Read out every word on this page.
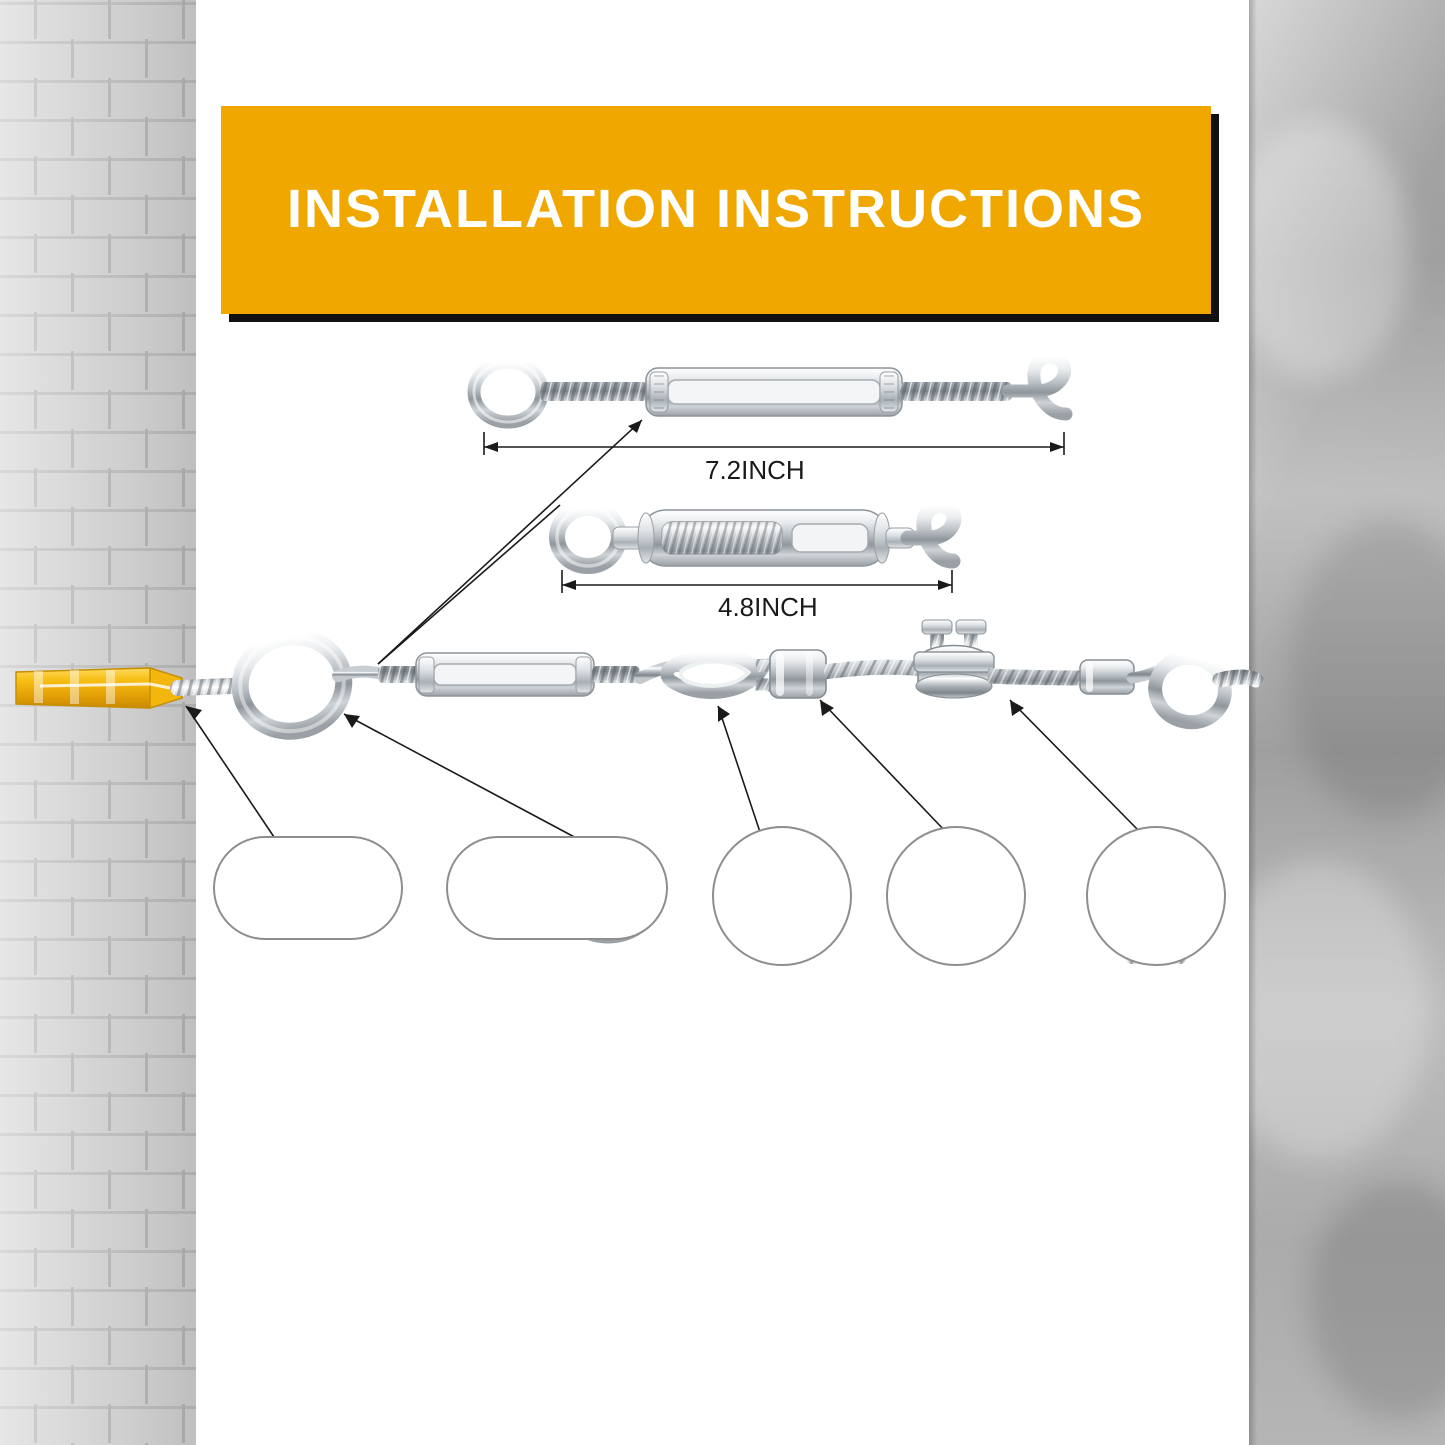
INSTALLATION INSTRUCTIONS
7.2INCH
4.8INCH
